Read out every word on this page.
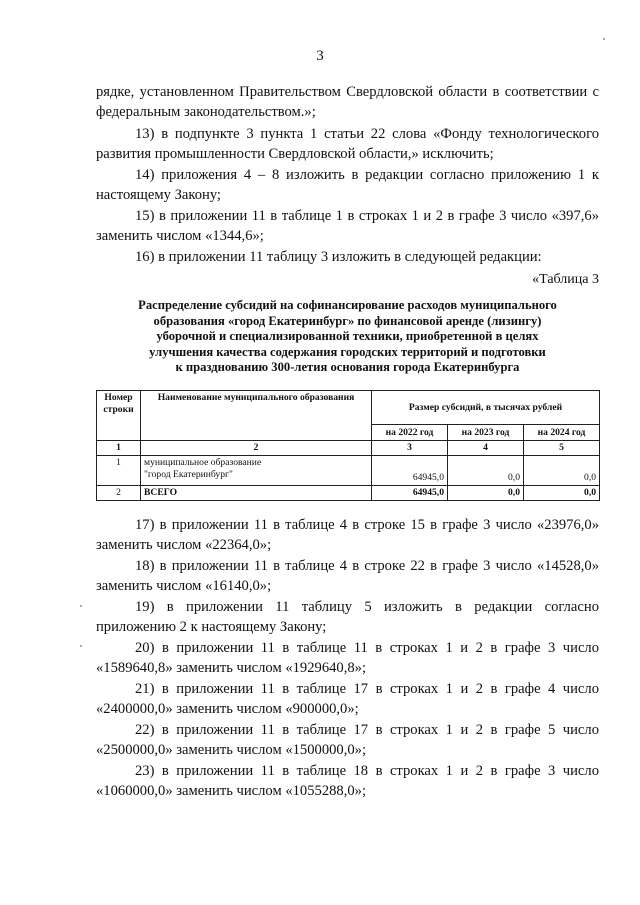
3

рядке, установленном Правительством Свердловской области в соответствии с федеральным законодательством.»;

13) в подпункте 3 пункта 1 статьи 22 слова «Фонду технологического развития промышленности Свердловской области,» исключить;

14) приложения 4 – 8 изложить в редакции согласно приложению 1 к настоящему Закону;

15) в приложении 11 в таблице 1 в строках 1 и 2 в графе 3 число «397,6» заменить числом «1344,6»;

16) в приложении 11 таблицу 3 изложить в следующей редакции:

«Таблица 3
Распределение субсидий на софинансирование расходов муниципального
образования «город Екатеринбург» по финансовой аренде (лизингу)
уборочной и специализированной техники, приобретенной в целях
улучшения качества содержания городских территорий и подготовки
к празднованию 300-летия основания города Екатеринбурга
Номер строки	Наименование муниципального образования	Размер субсидий, в тысячах рублей		
		на 2022 год	на 2023 год	на 2024 год
1	2	3	4	5
1	муниципальное образование
"город Екатеринбург"	64945,0	0,0	0,0
2	ВСЕГО	64945,0	0,0	0,0

17) в приложении 11 в таблице 4 в строке 15 в графе 3 число «23976,0» заменить числом «22364,0»;

18) в приложении 11 в таблице 4 в строке 22 в графе 3 число «14528,0» заменить числом «16140,0»;

19) в приложении 11 таблицу 5 изложить в редакции согласно приложению 2 к настоящему Закону;

20) в приложении 11 в таблице 11 в строках 1 и 2 в графе 3 число «1589640,8» заменить числом «1929640,8»;

21) в приложении 11 в таблице 17 в строках 1 и 2 в графе 4 число «2400000,0» заменить числом «900000,0»;

22) в приложении 11 в таблице 17 в строках 1 и 2 в графе 5 число «2500000,0» заменить числом «1500000,0»;

23) в приложении 11 в таблице 18 в строках 1 и 2 в графе 3 число «1060000,0» заменить числом «1055288,0»;
